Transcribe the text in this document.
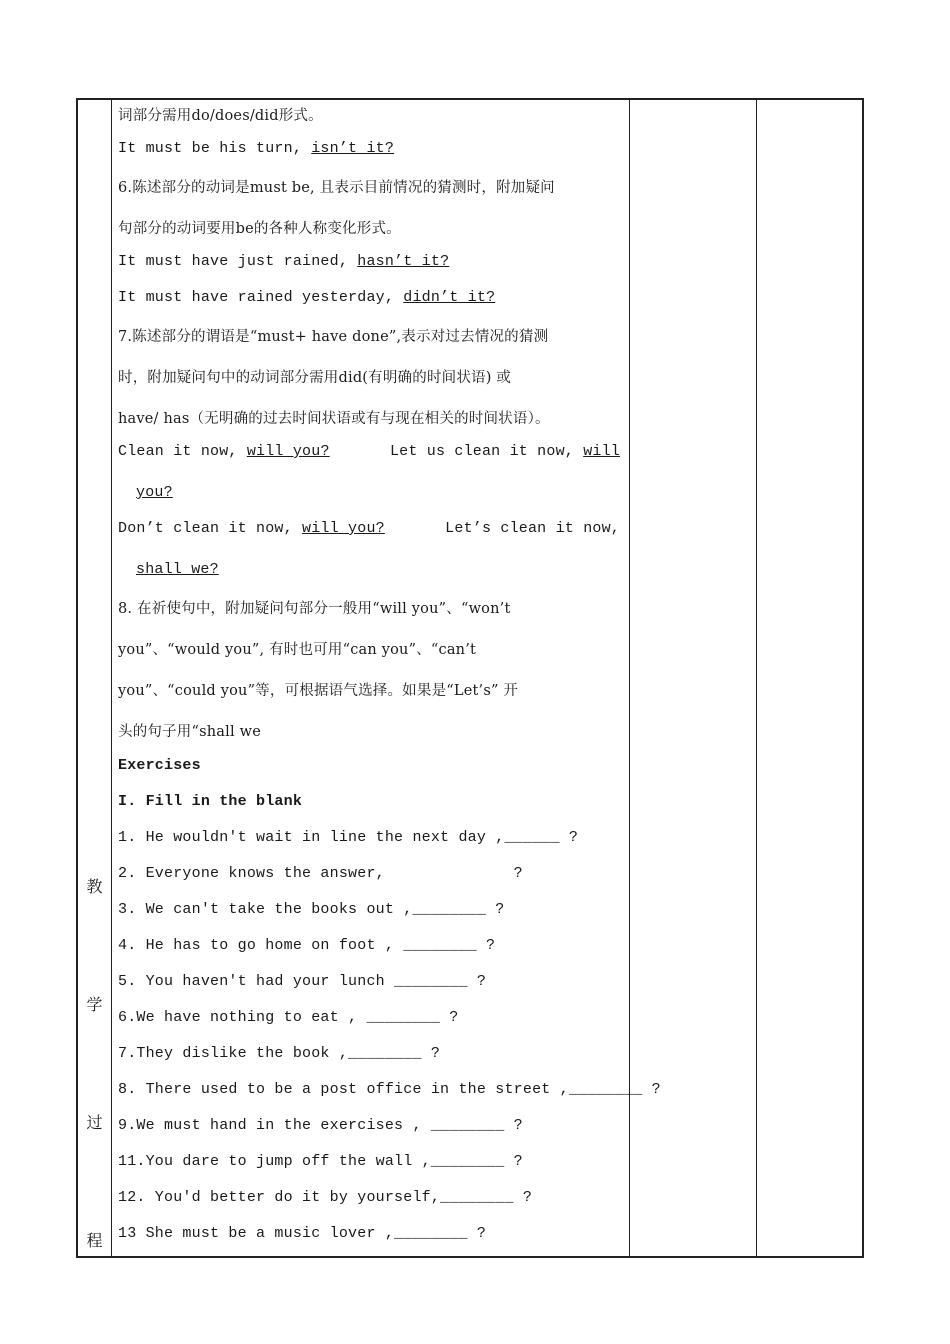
教
学
过
程
词部分需用do/does/did形式。
It must be his turn, isn’t it?
6.陈述部分的动词是must be, 且表示目前情况的猜测时，附加疑问
句部分的动词要用be的各种人称变化形式。
It must have just rained, hasn’t it?
It must have rained yesterday, didn’t it?
7.陈述部分的谓语是“must+ have done”,表示对过去情况的猜测
时，附加疑问句中的动词部分需用did(有明确的时间状语) 或
have/ has（无明确的过去时间状语或有与现在相关的时间状语）。
Clean it now, will you?	Let us clean it now, will
you?
Don’t clean it now, will you?	Let’s clean it now,
shall we?
8. 在祈使句中，附加疑问句部分一般用“will you”、“won’t
you”、“would you”, 有时也可用“can you”、“can’t
you”、“could you”等，可根据语气选择。如果是“Let’s” 开
头的句子用“shall we
Exercises
I. Fill in the blank
1. He wouldn't wait in line the next day ,______ ?
2. Everyone knows the answer,              ?
3. We can't take the books out ,________ ?
4. He has to go home on foot , ________ ?
5. You haven't had your lunch ________ ?
6.We have nothing to eat , ________ ?
7.They dislike the book ,________ ?
8. There used to be a post office in the street ,________ ?
9.We must hand in the exercises , ________ ?
11.You dare to jump off the wall ,________ ?
12. You'd better do it by yourself,________ ?
13 She must be a music lover ,________ ?
